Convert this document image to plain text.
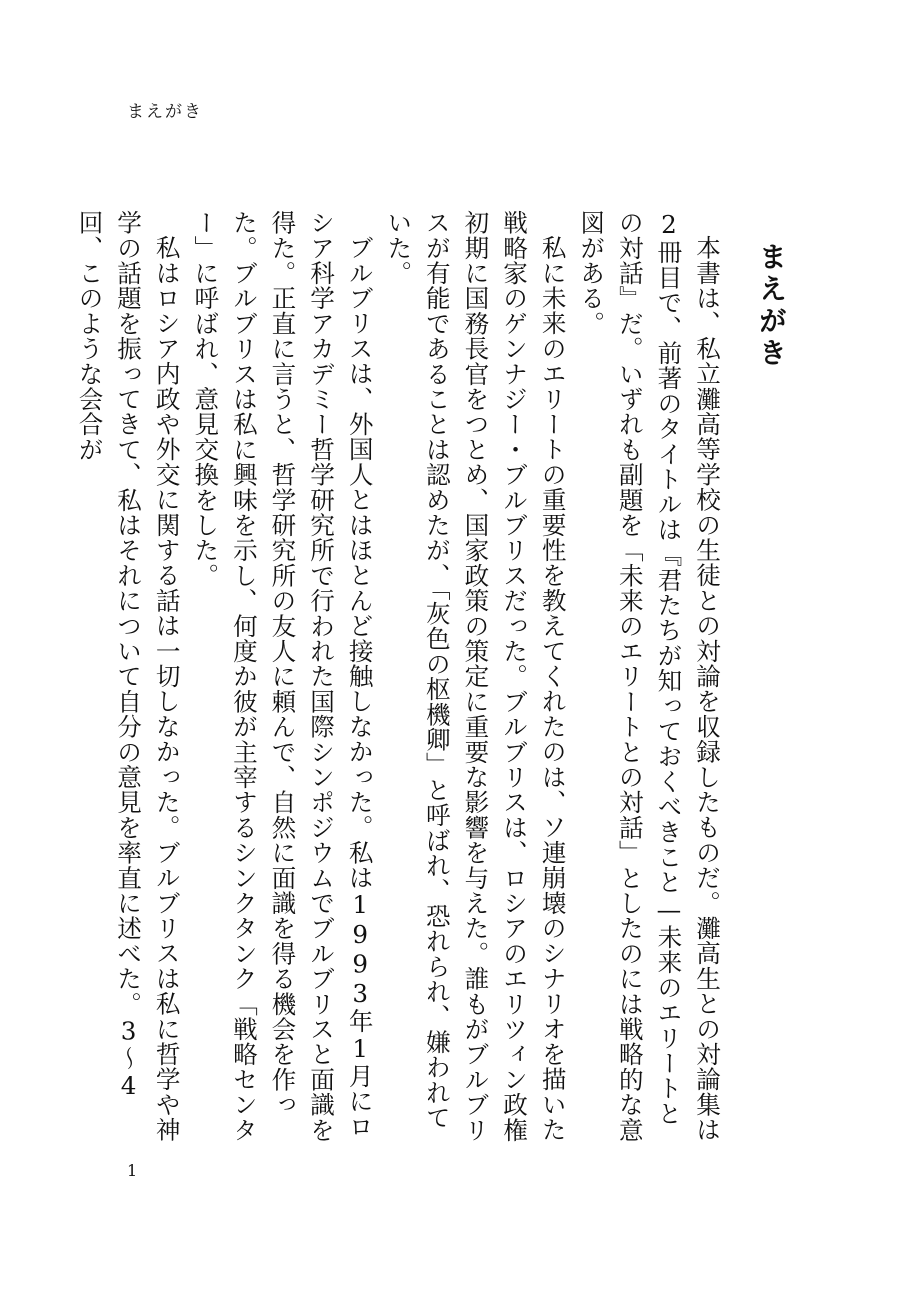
まえがき
まえがき

本書は、私立灘高等学校の生徒との対論を収録したものだ。灘高生との対論集は2冊目で、前著のタイトルは『君たちが知っておくべきこと—未来のエリートとの対話』だ。いずれも副題を「未来のエリートとの対話」としたのには戦略的な意図がある。

私に未来のエリートの重要性を教えてくれたのは、ソ連崩壊のシナリオを描いた戦略家のゲンナジー・ブルブリスだった。ブルブリスは、ロシアのエリツィン政権初期に国務長官をつとめ、国家政策の策定に重要な影響を与えた。誰もがブルブリスが有能であることは認めたが、「灰色の枢機卿」と呼ばれ、恐れられ、嫌われていた。

ブルブリスは、外国人とはほとんど接触しなかった。私は1993年1月にロシア科学アカデミー哲学研究所で行われた国際シンポジウムでブルブリスと面識を得た。正直に言うと、哲学研究所の友人に頼んで、自然に面識を得る機会を作った。ブルブリスは私に興味を示し、何度か彼が主宰するシンクタンク「戦略センター」に呼ばれ、意見交換をした。

私はロシア内政や外交に関する話は一切しなかった。ブルブリスは私に哲学や神学の話題を振ってきて、私はそれについて自分の意見を率直に述べた。3〜4回、このような会合が

1
